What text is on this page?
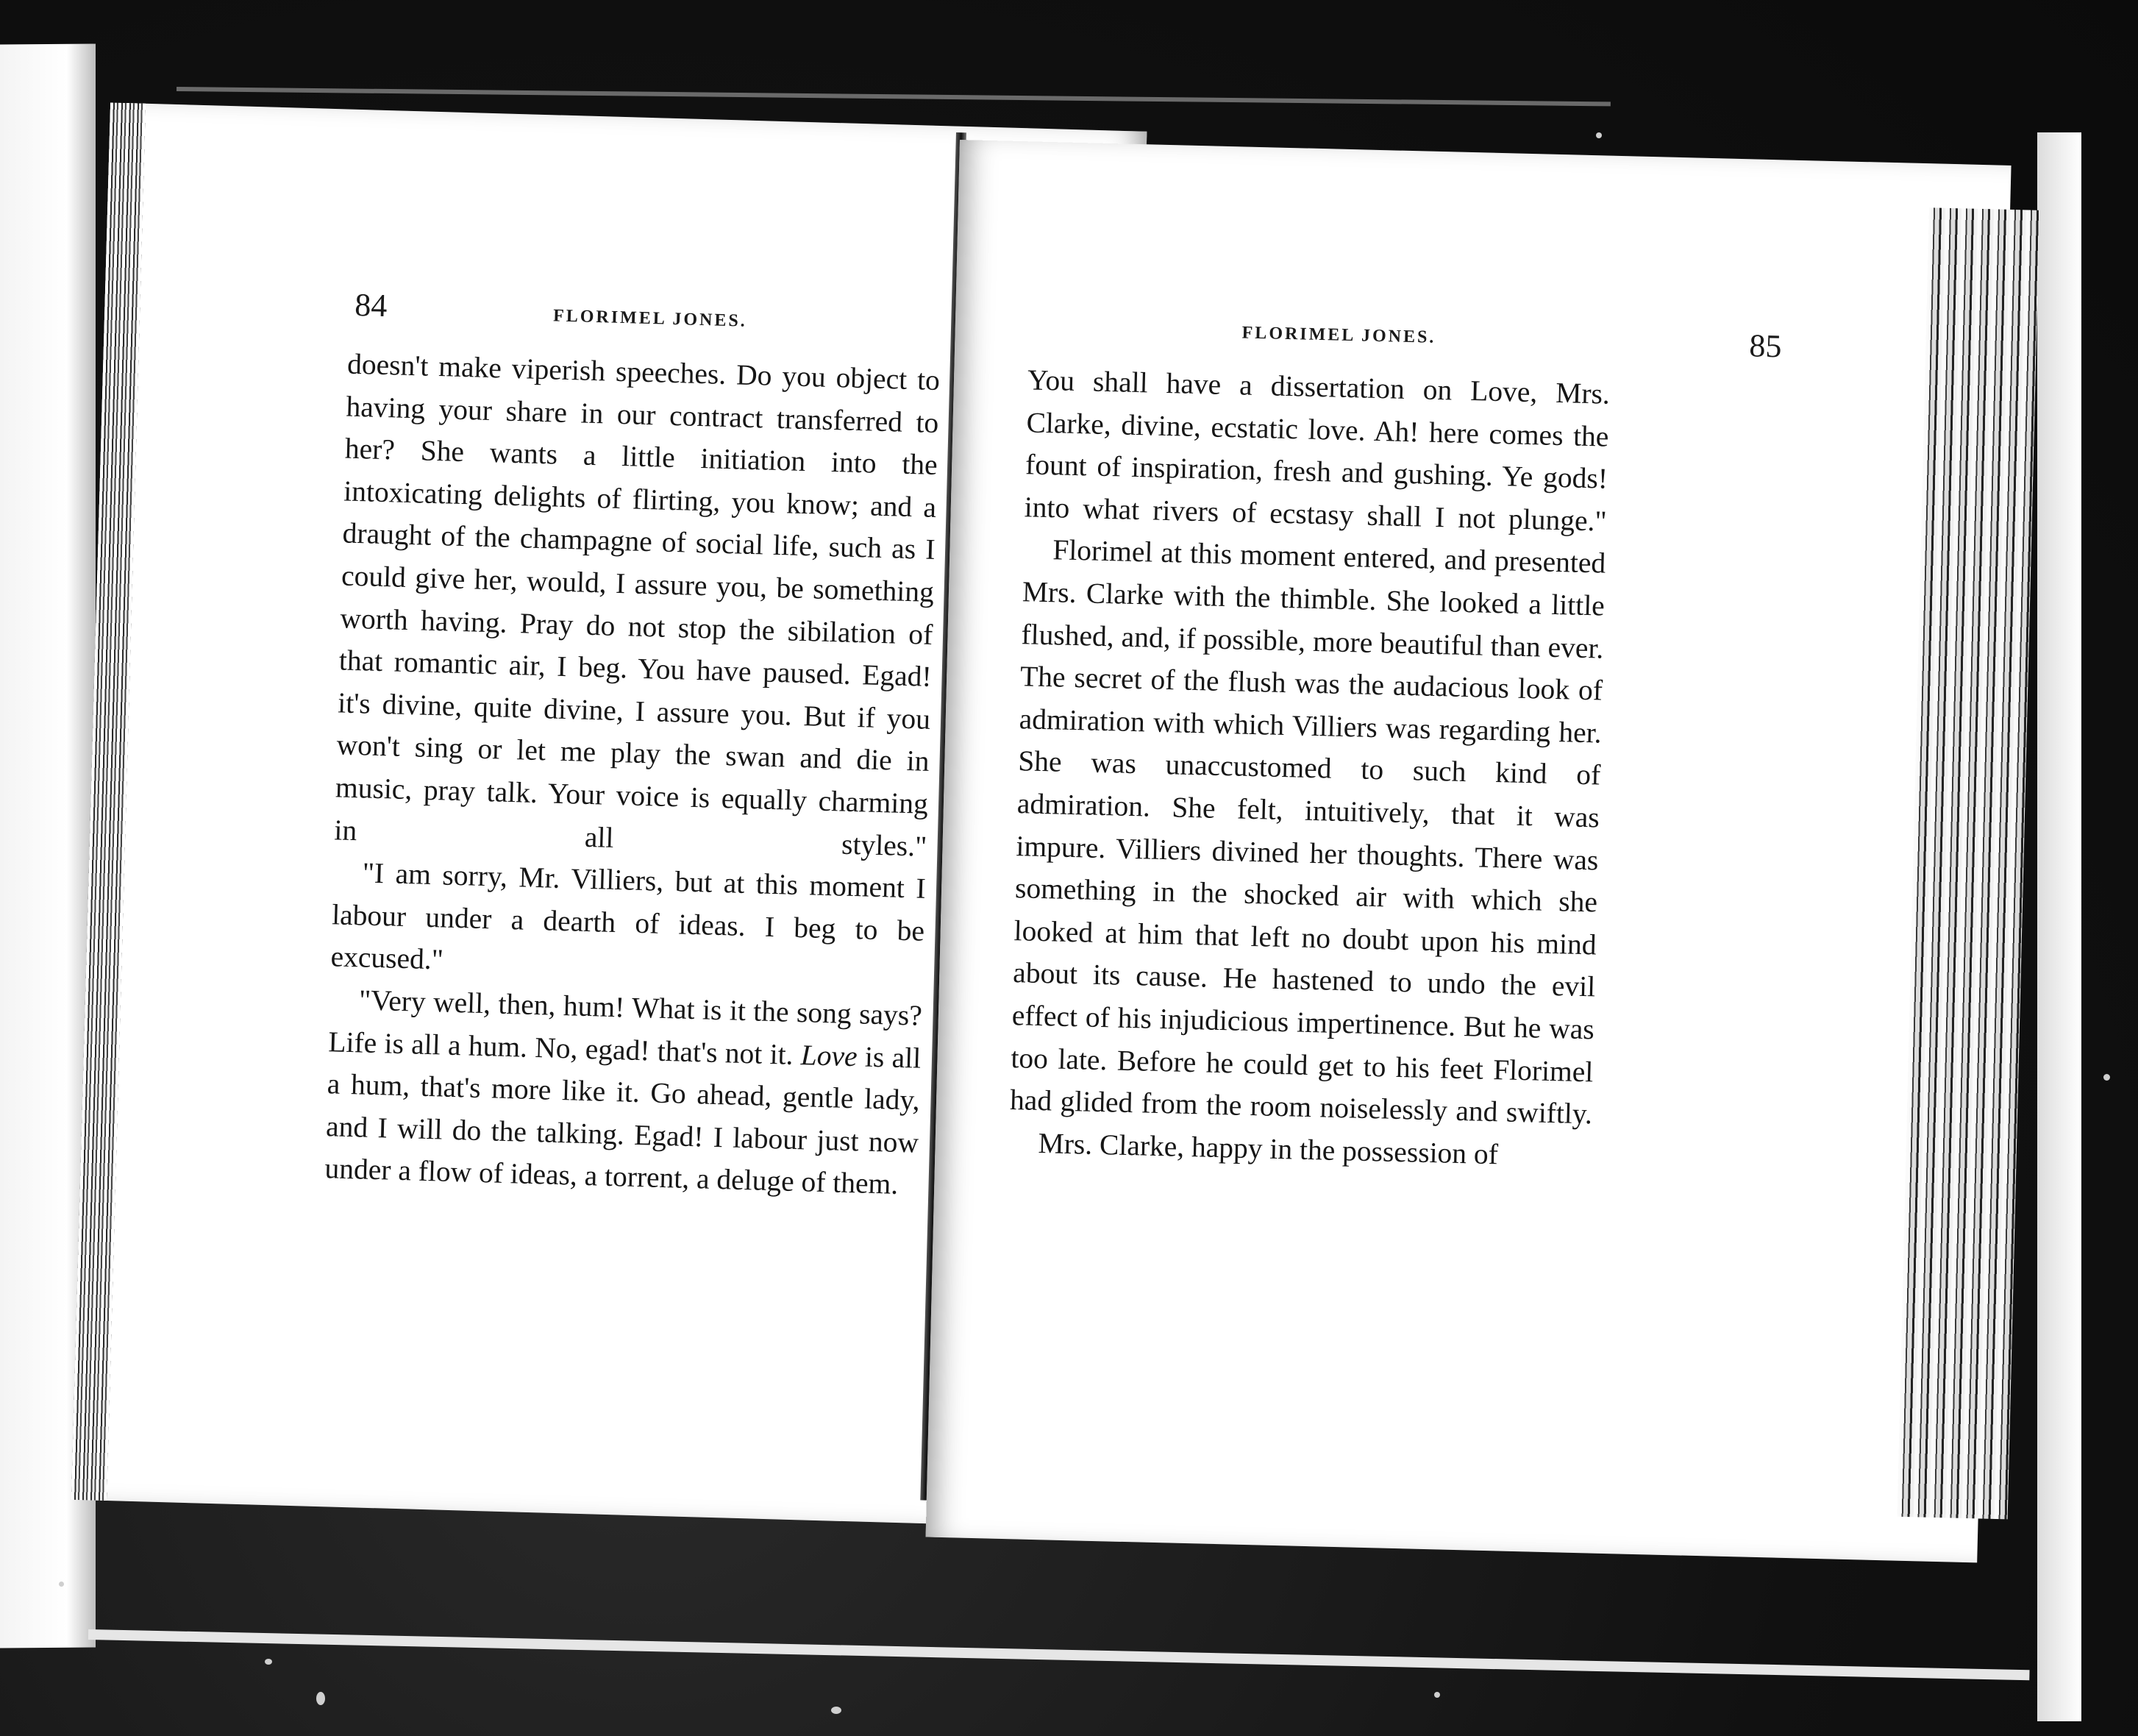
84	FLORIMEL JONES.

doesn't make viperish speeches. Do you object to having your share in our contract transferred to her? She wants a little initiation into the intoxicating delights of flirting, you know; and a draught of the champagne of social life, such as I could give her, would, I assure you, be something worth having. Pray do not stop the sibilation of that romantic air, I beg. You have paused. Egad! it's divine, quite divine, I assure you. But if you won't sing or let me play the swan and die in music, pray talk. Your voice is equally charming in all styles."

"I am sorry, Mr. Villiers, but at this moment I labour under a dearth of ideas. I beg to be excused."

"Very well, then, hum! What is it the song says? Life is all a hum. No, egad! that's not it. Love is all a hum, that's more like it. Go ahead, gentle lady, and I will do the talking. Egad! I labour just now under a flow of ideas, a torrent, a deluge of them.

FLORIMEL JONES.	85

You shall have a dissertation on Love, Mrs. Clarke, divine, ecstatic love. Ah! here comes the fount of inspiration, fresh and gushing. Ye gods! into what rivers of ecstasy shall I not plunge."

Florimel at this moment entered, and presented Mrs. Clarke with the thimble. She looked a little flushed, and, if possible, more beautiful than ever. The secret of the flush was the audacious look of admiration with which Villiers was regarding her. She was unaccustomed to such kind of admiration. She felt, intuitively, that it was impure. Villiers divined her thoughts. There was something in the shocked air with which she looked at him that left no doubt upon his mind about its cause. He hastened to undo the evil effect of his injudicious impertinence. But he was too late. Before he could get to his feet Florimel had glided from the room noiselessly and swiftly.

Mrs. Clarke, happy in the possession of
